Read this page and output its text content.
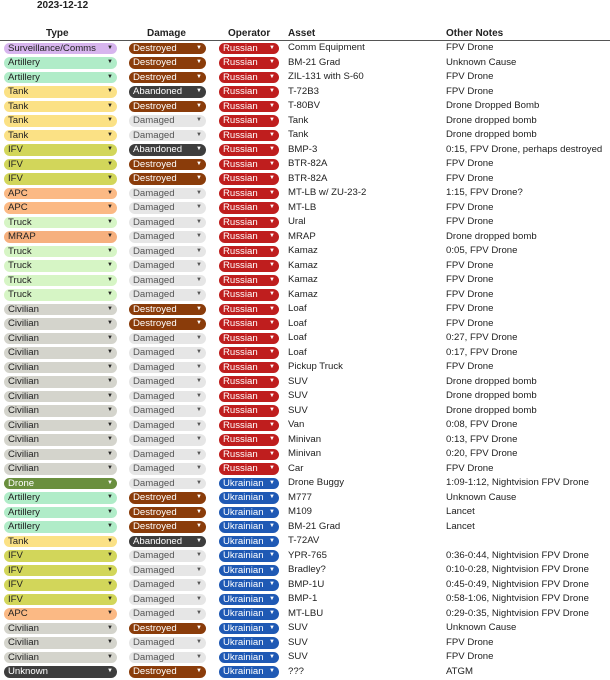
2023-12-12
Type	Damage	Operator Asset	Other Notes
Surveillance/Comms ▼	Destroyed	▼	Russian ▼ Comm Equipment	FPV Drone
Artillery	▼	Destroyed	▼	Russian ▼ BM-21 Grad	Unknown Cause
Artillery	▼	Destroyed	▼	Russian ▼ ZIL-131 with S-60	FPV Drone
Tank	▼	Abandoned ▼	Russian ▼ T-72B3	FPV Drone
Tank	▼	Destroyed	▼	Russian ▼ T-80BV	Drone Dropped Bomb
Tank	▼	Damaged	▼	Russian ▼ Tank	Drone dropped bomb
Tank	▼	Damaged	▼	Russian ▼ Tank	Drone dropped bomb
IFV	▼	Abandoned ▼	Russian ▼ BMP-3	0:15, FPV Drone, perhaps destroyed
IFV	▼	Destroyed	▼	Russian ▼ BTR-82A	FPV Drone
IFV	▼	Destroyed	▼	Russian ▼ BTR-82A	FPV Drone
APC	▼	Damaged	▼	Russian ▼ MT-LB w/ ZU-23-2	1:15, FPV Drone?
APC	▼	Damaged	▼	Russian ▼ MT-LB	FPV Drone
Truck	▼	Damaged	▼	Russian ▼ Ural	FPV Drone
MRAP	▼	Damaged	▼	Russian ▼ MRAP	Drone dropped bomb
Truck	▼	Damaged	▼	Russian ▼ Kamaz	0:05, FPV Drone
Truck	▼	Damaged	▼	Russian ▼ Kamaz	FPV Drone
Truck	▼	Damaged	▼	Russian ▼ Kamaz	FPV Drone
Truck	▼	Damaged	▼	Russian ▼ Kamaz	FPV Drone
Civilian	▼	Destroyed	▼	Russian ▼ Loaf	FPV Drone
Civilian	▼	Destroyed	▼	Russian ▼ Loaf	FPV Drone
Civilian	▼	Damaged	▼	Russian ▼ Loaf	0:27, FPV Drone
Civilian	▼	Damaged	▼	Russian ▼ Loaf	0:17, FPV Drone
Civilian	▼	Damaged	▼	Russian ▼ Pickup Truck	FPV Drone
Civilian	▼	Damaged	▼	Russian ▼ SUV	Drone dropped bomb
Civilian	▼	Damaged	▼	Russian ▼ SUV	Drone dropped bomb
Civilian	▼	Damaged	▼	Russian ▼ SUV	Drone dropped bomb
Civilian	▼	Damaged	▼	Russian ▼ Van	0:08, FPV Drone
Civilian	▼	Damaged	▼	Russian ▼ Minivan	0:13, FPV Drone
Civilian	▼	Damaged	▼	Russian ▼ Minivan	0:20, FPV Drone
Civilian	▼	Damaged	▼	Russian ▼ Car	FPV Drone
Drone	▼	Damaged	▼	Ukrainian ▼ Drone Buggy	1:09-1:12, Nightvision FPV Drone
Artillery	▼	Destroyed	▼	Ukrainian ▼ M777	Unknown Cause
Artillery	▼	Destroyed	▼	Ukrainian ▼ M109	Lancet
Artillery	▼	Destroyed	▼	Ukrainian ▼ BM-21 Grad	Lancet
Tank	▼	Abandoned ▼	Ukrainian ▼ T-72AV
IFV	▼	Damaged	▼	Ukrainian ▼ YPR-765	0:36-0:44, Nightvision FPV Drone
IFV	▼	Damaged	▼	Ukrainian ▼ Bradley?	0:10-0:28, Nightvision FPV Drone
IFV	▼	Damaged	▼	Ukrainian ▼ BMP-1U	0:45-0:49, Nightvision FPV Drone
IFV	▼	Damaged	▼	Ukrainian ▼ BMP-1	0:58-1:06, Nightvision FPV Drone
APC	▼	Damaged	▼	Ukrainian ▼ MT-LBU	0:29-0:35, Nightvision FPV Drone
Civilian	▼	Destroyed	▼	Ukrainian ▼ SUV	Unknown Cause
Civilian	▼	Damaged	▼	Ukrainian ▼ SUV	FPV Drone
Civilian	▼	Damaged	▼	Ukrainian ▼ SUV	FPV Drone
Unknown	▼	Destroyed	▼	Ukrainian ▼ ???	ATGM
